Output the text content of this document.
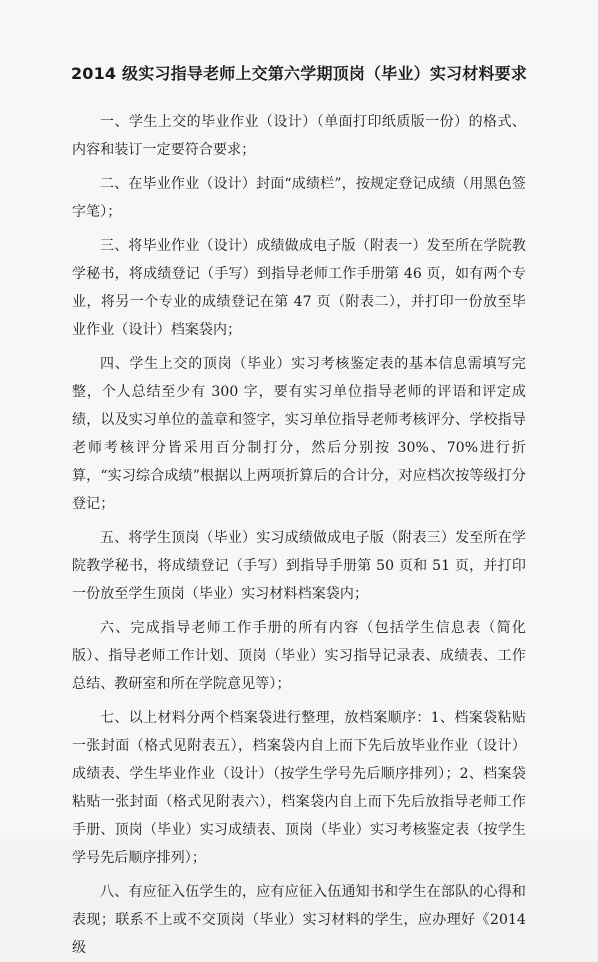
2014 级实习指导老师上交第六学期顶岗（毕业）实习材料要求

一、学生上交的毕业作业（设计）（单面打印纸质版一份）的格式、内容和装订一定要符合要求；

二、在毕业作业（设计）封面“成绩栏”，按规定登记成绩（用黑色签字笔）；

三、将毕业作业（设计）成绩做成电子版（附表一）发至所在学院教学秘书，将成绩登记（手写）到指导老师工作手册第 46 页，如有两个专业，将另一个专业的成绩登记在第 47 页（附表二），并打印一份放至毕业作业（设计）档案袋内；

四、学生上交的顶岗（毕业）实习考核鉴定表的基本信息需填写完整，个人总结至少有 300 字，要有实习单位指导老师的评语和评定成绩，以及实习单位的盖章和签字，实习单位指导老师考核评分、学校指导老师考核评分皆采用百分制打分，然后分别按 30%、70%进行折算，“实习综合成绩”根据以上两项折算后的合计分，对应档次按等级打分登记；

五、将学生顶岗（毕业）实习成绩做成电子版（附表三）发至所在学院教学秘书，将成绩登记（手写）到指导手册第 50 页和 51 页，并打印一份放至学生顶岗（毕业）实习材料档案袋内；

六、完成指导老师工作手册的所有内容（包括学生信息表（简化版）、指导老师工作计划、顶岗（毕业）实习指导记录表、成绩表、工作总结、教研室和所在学院意见等）；

七、以上材料分两个档案袋进行整理，放档案顺序：1、档案袋粘贴一张封面（格式见附表五），档案袋内自上而下先后放毕业作业（设计）成绩表、学生毕业作业（设计）（按学生学号先后顺序排列）；2、档案袋粘贴一张封面（格式见附表六），档案袋内自上而下先后放指导老师工作手册、顶岗（毕业）实习成绩表、顶岗（毕业）实习考核鉴定表（按学生学号先后顺序排列）；

八、有应征入伍学生的，应有应征入伍通知书和学生在部队的心得和表现；联系不上或不交顶岗（毕业）实习材料的学生，应办理好《2014 级
